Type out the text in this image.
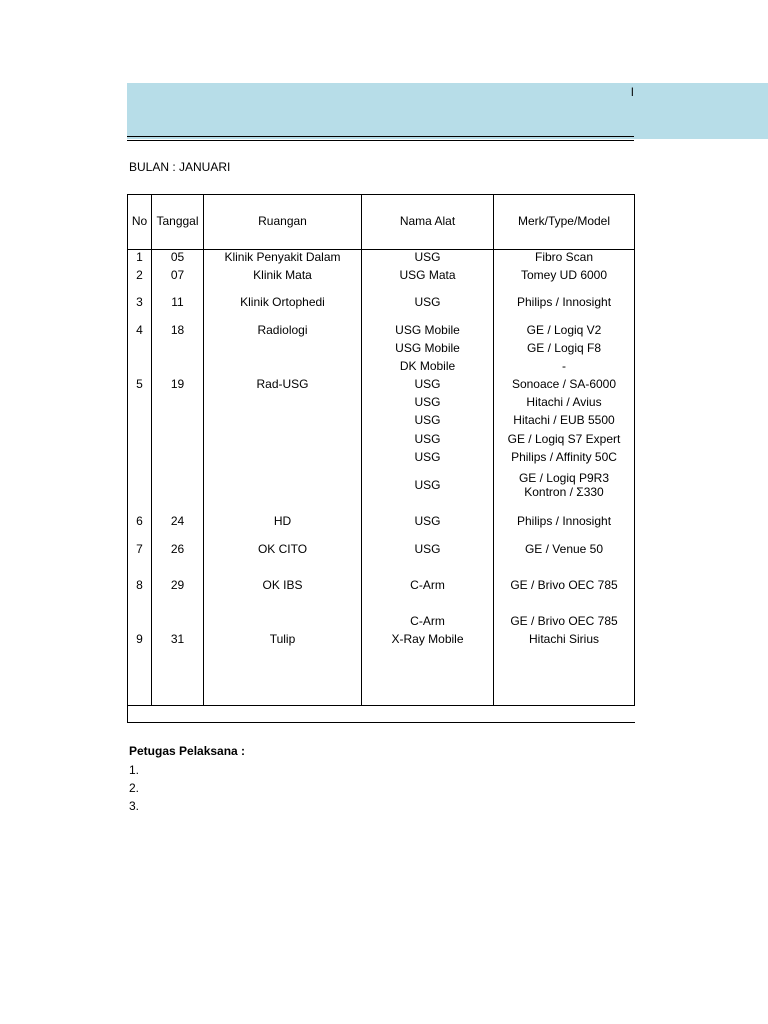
l
BULAN : JANUARI
No Tanggal	Ruangan	Nama Alat	Merk/Type/Model
1	05	Klinik Penyakit Dalam	USG	Fibro Scan
2	07	Klinik Mata	USG Mata	Tomey UD 6000
3	11	Klinik Ortophedi	USG	Philips / Innosight
4	18	Radiologi	USG Mobile	GE / Logiq V2
USG Mobile	GE / Logiq F8
DK Mobile	-
5	19	Rad-USG	USG	Sonoace / SA-6000
USG	Hitachi / Avius
USG	Hitachi / EUB 5500
USG	GE / Logiq S7 Expert
USG	Philips / Affinity 50C
USG	GE / Logiq P9R3
Kontron / Σ330
6	24	HD	USG	Philips / Innosight
7	26	OK CITO	USG	GE / Venue 50
8	29	OK IBS	C-Arm	GE / Brivo OEC 785
C-Arm	GE / Brivo OEC 785
9	31	Tulip	X-Ray Mobile	Hitachi Sirius
Petugas Pelaksana :
1.
2.
3.
